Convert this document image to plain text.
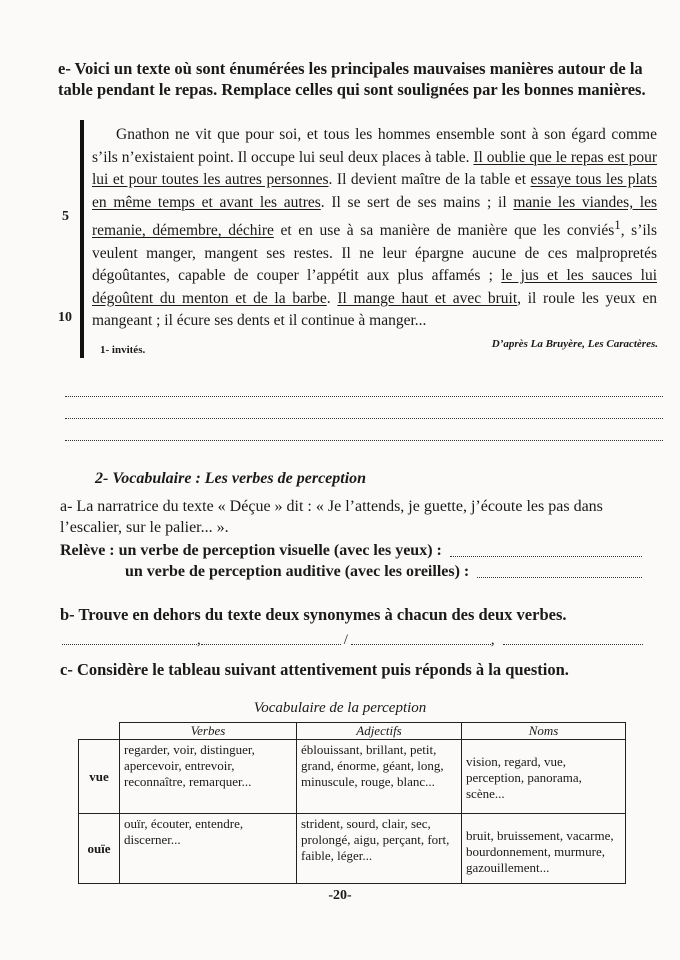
e- Voici un texte où sont énumérées les principales mauvaises manières autour de la table pendant le repas. Remplace celles qui sont soulignées par les bonnes manières.
5
10

Gnathon ne vit que pour soi, et tous les hommes ensemble sont à son égard comme s’ils n’existaient point. Il occupe lui seul deux places à table. Il oublie que le repas est pour lui et pour toutes les autres personnes. Il devient maître de la table et essaye tous les plats en même temps et avant les autres. Il se sert de ses mains ; il manie les viandes, les remanie, démembre, déchire et en use à sa manière de manière que les conviés$^1$, s’ils veulent manger, mangent ses restes. Il ne leur épargne aucune de ces malpropretés dégoûtantes, capable de couper l’appétit aux plus affamés ; le jus et les sauces lui dégoûtent du menton et de la barbe. Il mange haut et avec bruit, il roule les yeux en mangeant ; il écure ses dents et il continue à manger...

1- invités.	D’après La Bruyère, Les Caractères.
2- Vocabulaire : Les verbes de perception
a- La narratrice du texte « Déçue » dit : « Je l’attends, je guette, j’écoute les pas dans l’escalier, sur le palier... ».
Relève : un verbe de perception visuelle (avec les yeux) :
un verbe de perception auditive (avec les oreilles) :
b- Trouve en dehors du texte deux synonymes à chacun des deux verbes.
,	/	,
c- Considère le tableau suivant attentivement puis réponds à la question.
Vocabulaire de la perception
	Verbes	Adjectifs	Noms
vue	regarder, voir, distinguer, apercevoir, entrevoir, reconnaître, remarquer...	éblouissant, brillant, petit, grand, énorme, géant, long, minuscule, rouge, blanc...	vision, regard, vue, perception, panorama, scène...
ouïe	ouïr, écouter, entendre, discerner...	strident, sourd, clair, sec, prolongé, aigu, perçant, fort, faible, léger...	bruit, bruissement, vacarme, bourdonnement, murmure, gazouillement...
-20-
